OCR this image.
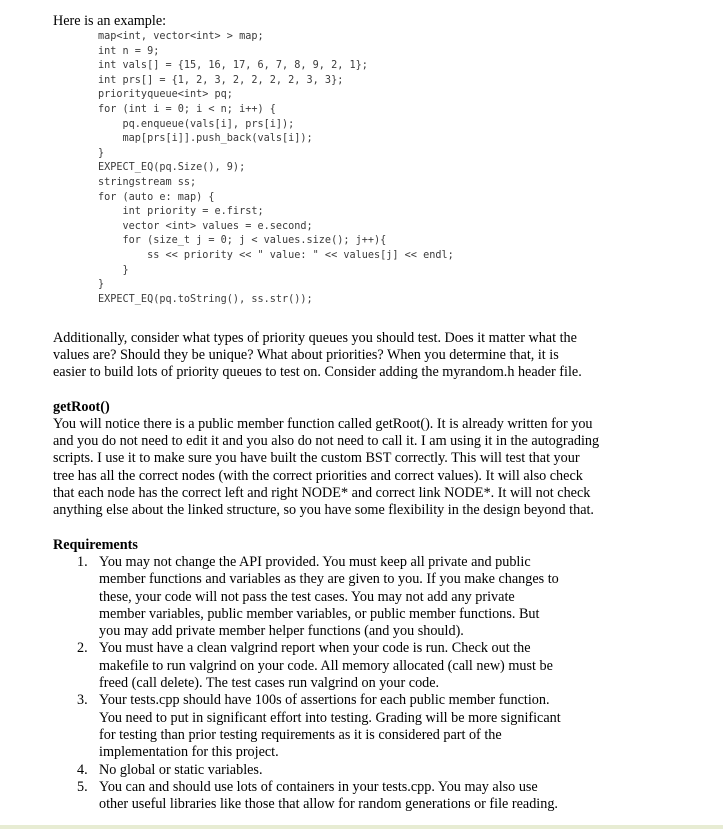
Here is an example:
map<int, vector<int> > map;
int n = 9;
int vals[] = {15, 16, 17, 6, 7, 8, 9, 2, 1};
int prs[] = {1, 2, 3, 2, 2, 2, 2, 3, 3};
priorityqueue<int> pq;
for (int i = 0; i < n; i++) {
pq.enqueue(vals[i], prs[i]);
map[prs[i]].push_back(vals[i]);
}
EXPECT_EQ(pq.Size(), 9);
stringstream ss;
for (auto e: map) {
int priority = e.first;
vector <int> values = e.second;
for (size_t j = 0; j < values.size(); j++){
ss << priority << " value: " << values[j] << endl;
}
}
EXPECT_EQ(pq.toString(), ss.str());

Additionally, consider what types of priority queues you should test. Does it matter what the
values are? Should they be unique? What about priorities? When you determine that, it is
easier to build lots of priority queues to test on. Consider adding the myrandom.h header file.

getRoot()

You will notice there is a public member function called getRoot(). It is already written for you
and you do not need to edit it and you also do not need to call it. I am using it in the autograding
scripts. I use it to make sure you have built the custom BST correctly. This will test that your
tree has all the correct nodes (with the correct priorities and correct values). It will also check
that each node has the correct left and right NODE* and correct link NODE*. It will not check
anything else about the linked structure, so you have some flexibility in the design beyond that.

Requirements
1. You may not change the API provided. You must keep all private and public
member functions and variables as they are given to you. If you make changes to
these, your code will not pass the test cases. You may not add any private
member variables, public member variables, or public member functions. But
you may add private member helper functions (and you should).
2. You must have a clean valgrind report when your code is run. Check out the
makefile to run valgrind on your code. All memory allocated (call new) must be
freed (call delete). The test cases run valgrind on your code.
3. Your tests.cpp should have 100s of assertions for each public member function.
You need to put in significant effort into testing. Grading will be more significant
for testing than prior testing requirements as it is considered part of the
implementation for this project.
4. No global or static variables.
5. You can and should use lots of containers in your tests.cpp. You may also use
other useful libraries like those that allow for random generations or file reading.
